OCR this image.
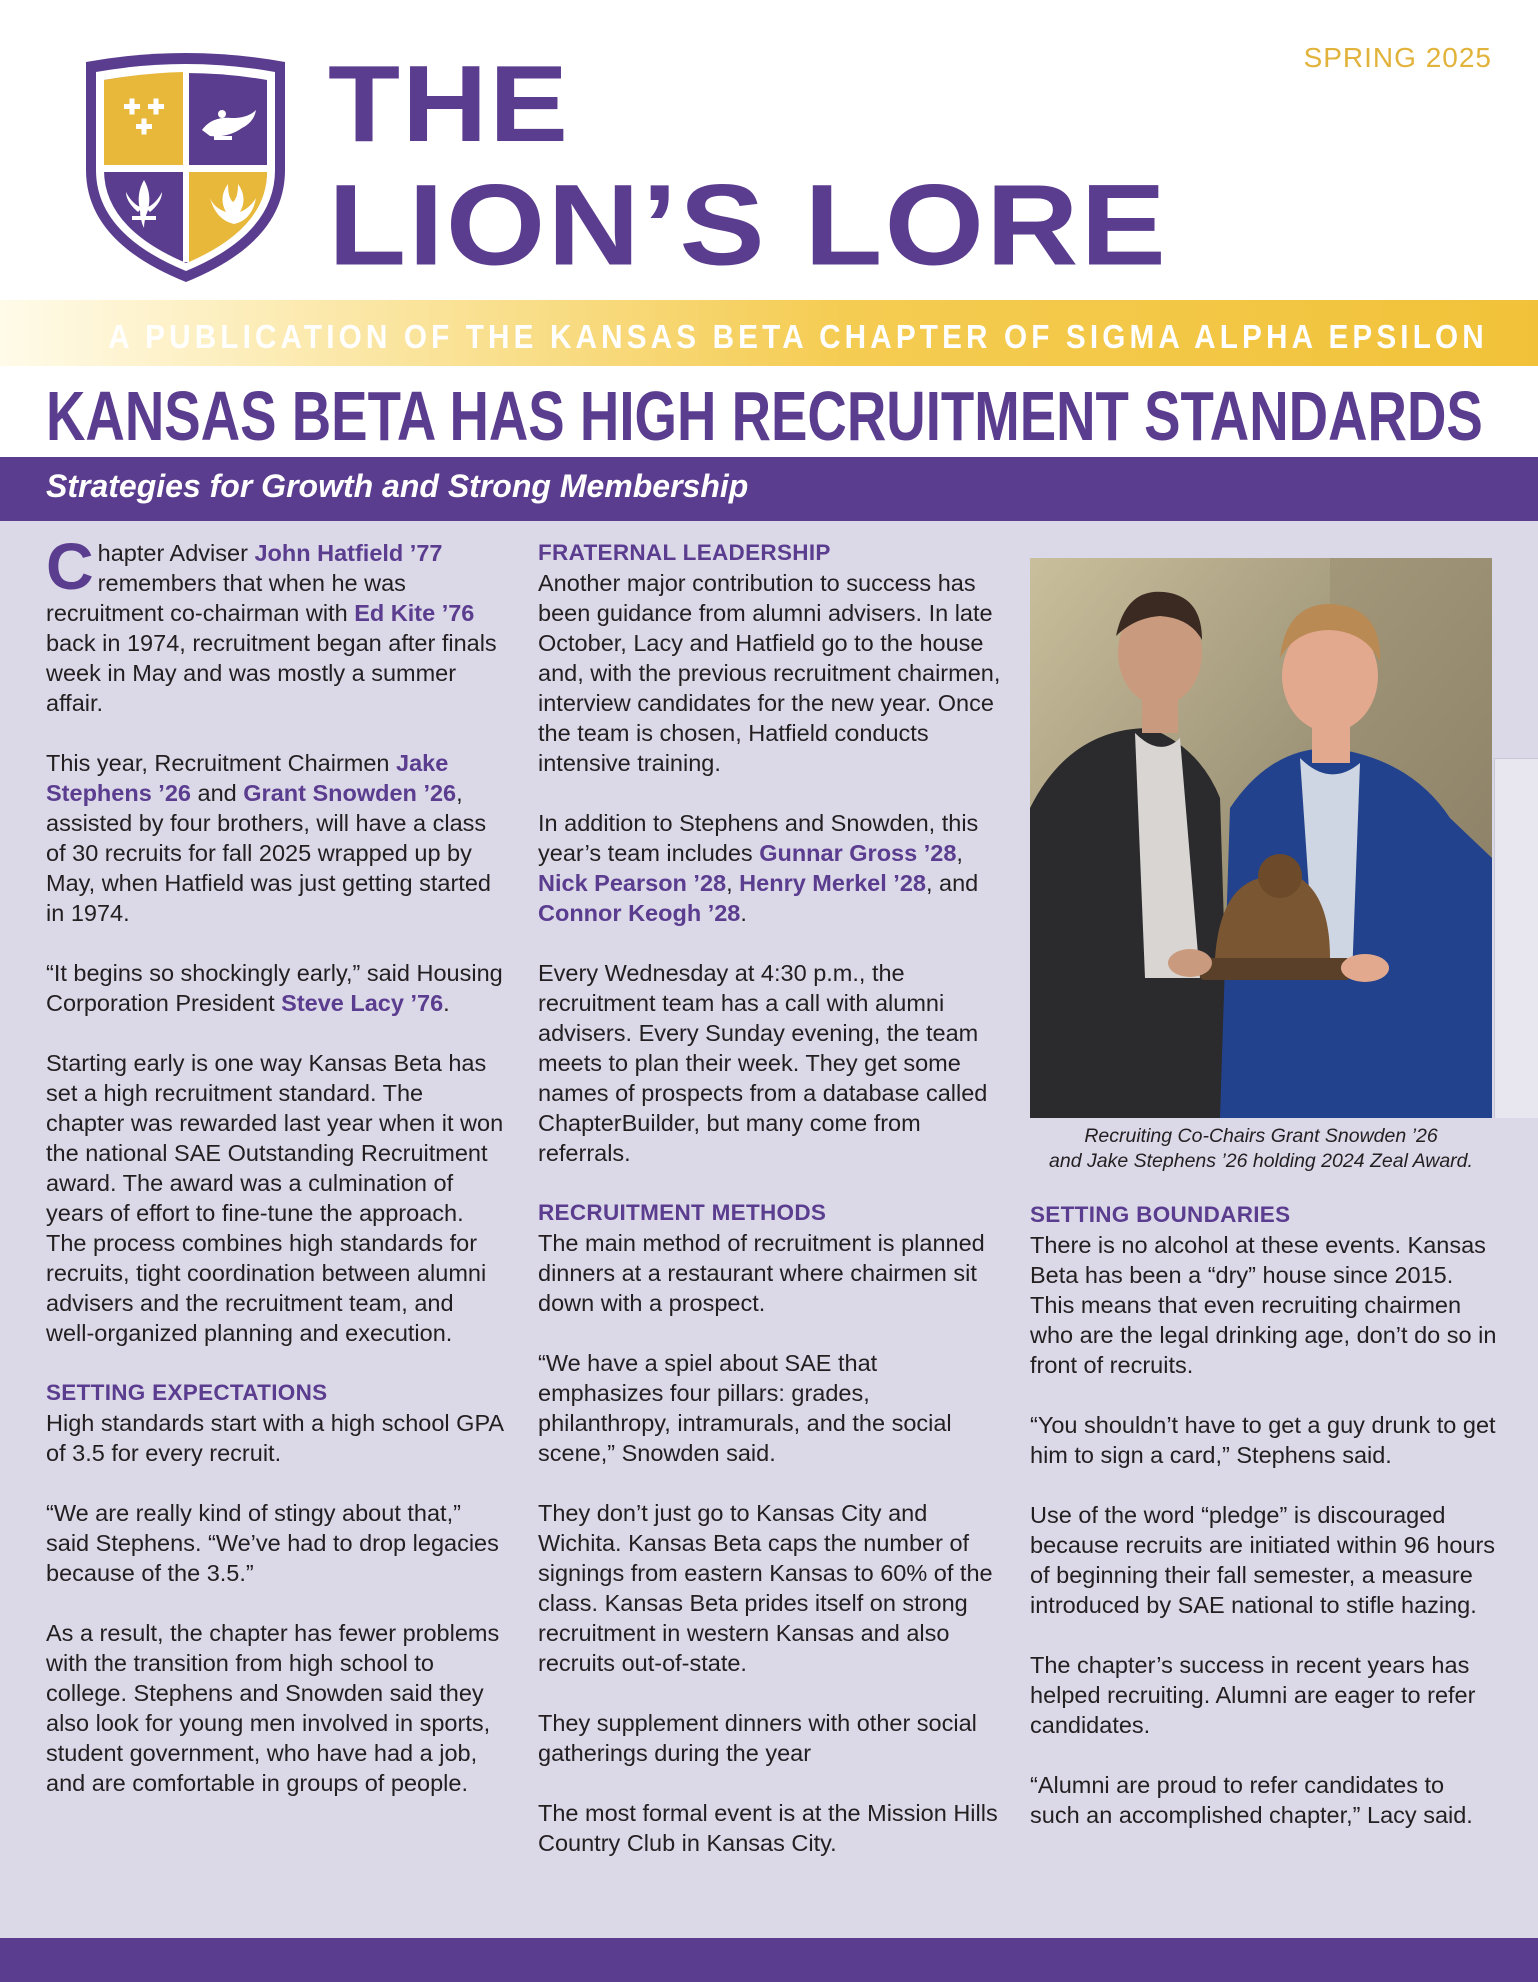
THE
LION’S LORE
SPRING 2025
A PUBLICATION OF THE KANSAS BETA CHAPTER OF SIGMA ALPHA EPSILON
KANSAS BETA HAS HIGH RECRUITMENT STANDARDS
Strategies for Growth and Strong Membership

Chapter Adviser John Hatfield ’77 remembers that when he was recruitment co-chairman with Ed Kite ’76 back in 1974, recruitment began after finals week in May and was mostly a summer affair.

This year, Recruitment Chairmen Jake Stephens ’26 and Grant Snowden ’26, assisted by four brothers, will have a class of 30 recruits for fall 2025 wrapped up by May, when Hatfield was just getting started in 1974.

“It begins so shockingly early,” said Housing Corporation President Steve Lacy ’76.

Starting early is one way Kansas Beta has set a high recruitment standard. The chapter was rewarded last year when it won the national SAE Outstanding Recruitment award. The award was a culmination of years of effort to fine-tune the approach. The process combines high standards for recruits, tight coordination between alumni advisers and the recruitment team, and well-organized planning and execution.

SETTING EXPECTATIONS

High standards start with a high school GPA of 3.5 for every recruit.

“We are really kind of stingy about that,” said Stephens. “We’ve had to drop legacies because of the 3.5.”

As a result, the chapter has fewer problems with the transition from high school to college. Stephens and Snowden said they also look for young men involved in sports, student government, who have had a job, and are comfortable in groups of people.

FRATERNAL LEADERSHIP

Another major contribution to success has been guidance from alumni advisers. In late October, Lacy and Hatfield go to the house and, with the previous recruitment chairmen, interview candidates for the new year. Once the team is chosen, Hatfield conducts intensive training.

In addition to Stephens and Snowden, this year’s team includes Gunnar Gross ’28, Nick Pearson ’28, Henry Merkel ’28, and Connor Keogh ’28.

Every Wednesday at 4:30 p.m., the recruitment team has a call with alumni advisers. Every Sunday evening, the team meets to plan their week. They get some names of prospects from a database called ChapterBuilder, but many come from referrals.

RECRUITMENT METHODS

The main method of recruitment is planned dinners at a restaurant where chairmen sit down with a prospect.

“We have a spiel about SAE that emphasizes four pillars: grades, philanthropy, intramurals, and the social scene,” Snowden said.

They don’t just go to Kansas City and Wichita. Kansas Beta caps the number of signings from eastern Kansas to 60% of the class. Kansas Beta prides itself on strong recruitment in western Kansas and also recruits out-of-state.

They supplement dinners with other social gatherings during the year

The most formal event is at the Mission Hills Country Club in Kansas City.

Recruiting Co-Chairs Grant Snowden ’26
and Jake Stephens ’26 holding 2024 Zeal Award.
SETTING BOUNDARIES

There is no alcohol at these events. Kansas Beta has been a “dry” house since 2015. This means that even recruiting chairmen who are the legal drinking age, don’t do so in front of recruits.

“You shouldn’t have to get a guy drunk to get him to sign a card,” Stephens said.

Use of the word “pledge” is discouraged because recruits are initiated within 96 hours of beginning their fall semester, a measure introduced by SAE national to stifle hazing.

The chapter’s success in recent years has helped recruiting. Alumni are eager to refer candidates.

“Alumni are proud to refer candidates to such an accomplished chapter,” Lacy said.
